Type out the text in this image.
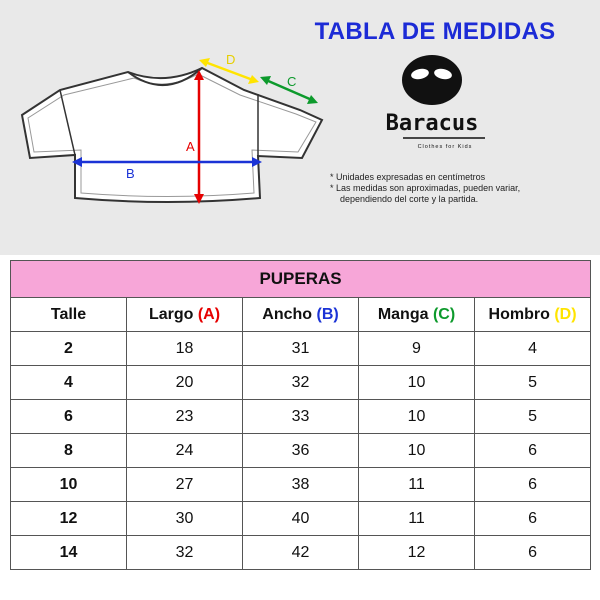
A
B
D
C
TABLA DE MEDIDAS
Baracus
Clothes for Kids
* Unidades expresadas en centímetros
* Las medidas son aproximadas, pueden variar,
dependiendo del corte y la partida.
PUPERAS				
Talle	Largo (A)	Ancho (B)	Manga (C)	Hombro (D)
2	18	31	9	4
4	20	32	10	5
6	23	33	10	5
8	24	36	10	6
10	27	38	11	6
12	30	40	11	6
14	32	42	12	6
